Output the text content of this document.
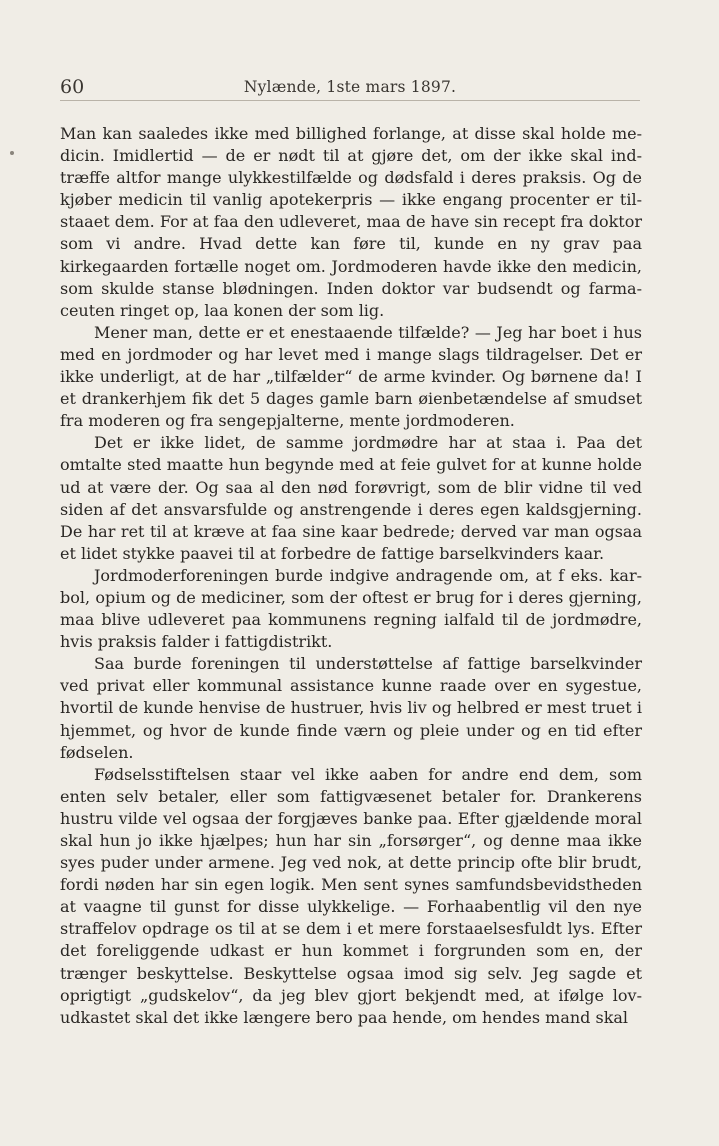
60	Nylænde, 1ste mars 1897.

Man kan saaledes ikke med billighed forlange, at disse skal holde medicin. Imidlertid — de er nødt til at gjøre det, om der ikke skal indtræffe altfor mange ulykkestilfælde og dødsfald i deres praksis. Og de kjøber medicin til vanlig apotekerpris — ikke engang procenter er tilstaaet dem. For at faa den udleveret, maa de have sin recept fra doktor som vi andre. Hvad dette kan føre til, kunde en ny grav paa kirkegaarden fortælle noget om. Jordmoderen havde ikke den medicin, som skulde stanse blødningen. Inden doktor var budsendt og farmaceuten ringet op, laa konen der som lig.

Mener man, dette er et enestaaende tilfælde? — Jeg har boet i hus med en jordmoder og har levet med i mange slags tildragelser. Det er ikke underligt, at de har „tilfælder“ de arme kvinder. Og børnene da! I et drankerhjem fik det 5 dages gamle barn øienbetændelse af smudset fra moderen og fra sengepjalterne, mente jordmoderen.

Det er ikke lidet, de samme jordmødre har at staa i. Paa det omtalte sted maatte hun begynde med at feie gulvet for at kunne holde ud at være der. Og saa al den nød forøvrigt, som de blir vidne til ved siden af det ansvarsfulde og anstrengende i deres egen kaldsgjerning. De har ret til at kræve at faa sine kaar bedrede; derved var man ogsaa et lidet stykke paavei til at forbedre de fattige barselkvinders kaar.

Jordmoderforeningen burde indgive andragende om, at f eks. karbol, opium og de mediciner, som der oftest er brug for i deres gjerning, maa blive udleveret paa kommunens regning ialfald til de jordmødre, hvis praksis falder i fattigdistrikt.

Saa burde foreningen til understøttelse af fattige barselkvinder ved privat eller kommunal assistance kunne raade over en sygestue, hvortil de kunde henvise de hustruer, hvis liv og helbred er mest truet i hjemmet, og hvor de kunde finde værn og pleie under og en tid efter fødselen.

Fødselsstiftelsen staar vel ikke aaben for andre end dem, som enten selv betaler, eller som fattigvæsenet betaler for. Drankerens hustru vilde vel ogsaa der forgjæves banke paa. Efter gjældende moral skal hun jo ikke hjælpes; hun har sin „forsørger“, og denne maa ikke syes puder under armene. Jeg ved nok, at dette princip ofte blir brudt, fordi nøden har sin egen logik. Men sent synes samfundsbevidstheden at vaagne til gunst for disse ulykkelige. — Forhaabentlig vil den nye straffelov opdrage os til at se dem i et mere forstaaelsesfuldt lys. Efter det foreliggende udkast er hun kommet i forgrunden som en, der trænger beskyttelse. Beskyttelse ogsaa imod sig selv. Jeg sagde et oprigtigt „gudskelov“, da jeg blev gjort bekjendt med, at ifølge lovudkastet skal det ikke længere bero paa hende, om hendes mand skal
